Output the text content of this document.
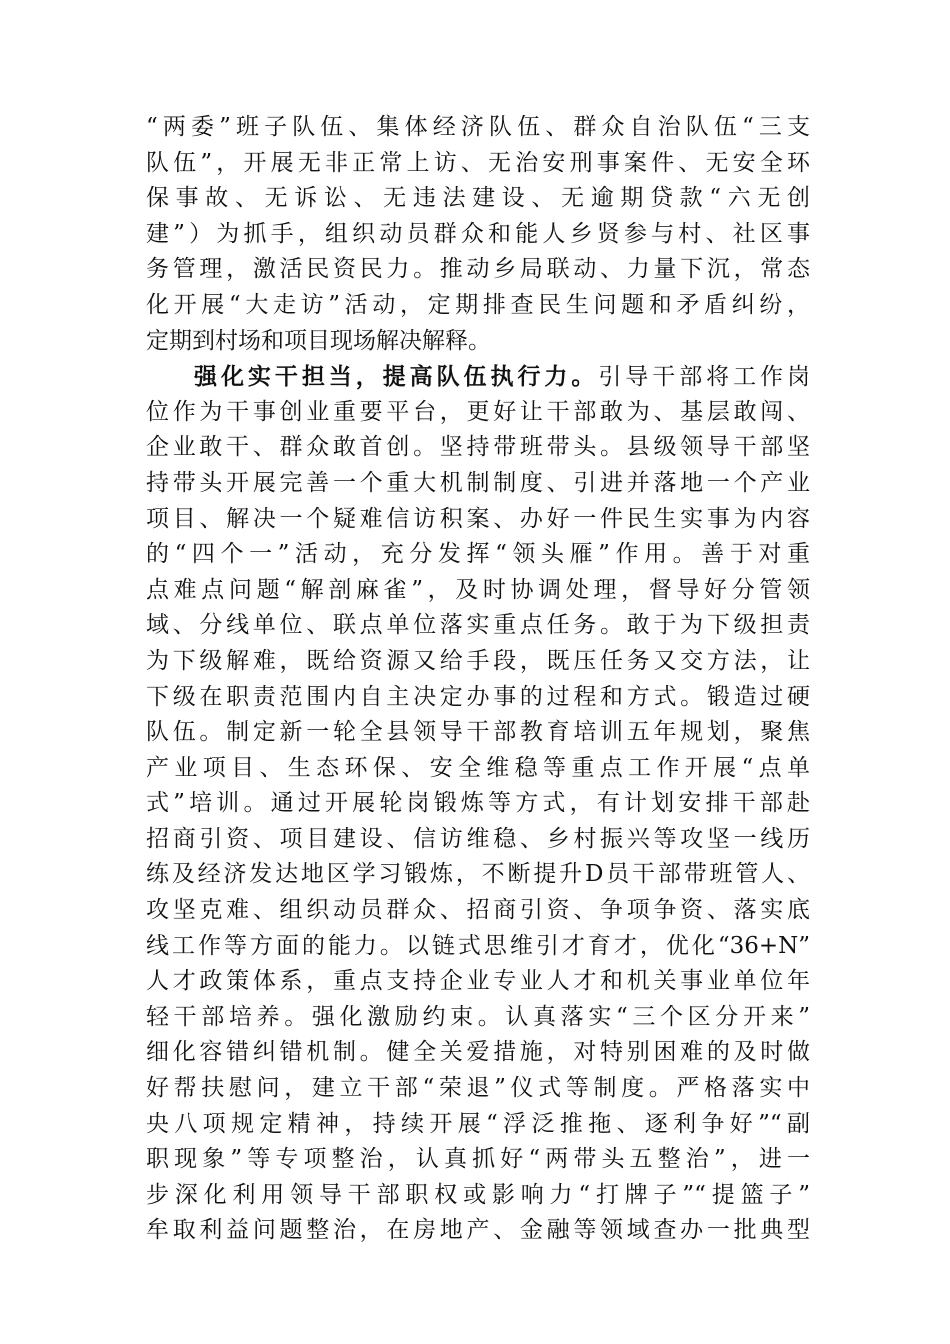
“两委”班子队伍、集体经济队伍、群众自治队伍“三支
队伍”，开展无非正常上访、无治安刑事案件、无安全环
保事故、无诉讼、无违法建设、无逾期贷款“六无创
建”）为抓手，组织动员群众和能人乡贤参与村、社区事
务管理，激活民资民力。推动乡局联动、力量下沉，常态
化开展“大走访”活动，定期排查民生问题和矛盾纠纷，
定期到村场和项目现场解决解释。
强化实干担当，提高队伍执行力。引导干部将工作岗
位作为干事创业重要平台，更好让干部敢为、基层敢闯、
企业敢干、群众敢首创。坚持带班带头。县级领导干部坚
持带头开展完善一个重大机制制度、引进并落地一个产业
项目、解决一个疑难信访积案、办好一件民生实事为内容
的“四个一”活动，充分发挥“领头雁”作用。善于对重
点难点问题“解剖麻雀”，及时协调处理，督导好分管领
域、分线单位、联点单位落实重点任务。敢于为下级担责
为下级解难，既给资源又给手段，既压任务又交方法，让
下级在职责范围内自主决定办事的过程和方式。锻造过硬
队伍。制定新一轮全县领导干部教育培训五年规划，聚焦
产业项目、生态环保、安全维稳等重点工作开展“点单
式”培训。通过开展轮岗锻炼等方式，有计划安排干部赴
招商引资、项目建设、信访维稳、乡村振兴等攻坚一线历
练及经济发达地区学习锻炼，不断提升D员干部带班管人、
攻坚克难、组织动员群众、招商引资、争项争资、落实底
线工作等方面的能力。以链式思维引才育才，优化“36+N”
人才政策体系，重点支持企业专业人才和机关事业单位年
轻干部培养。强化激励约束。认真落实“三个区分开来”
细化容错纠错机制。健全关爱措施，对特别困难的及时做
好帮扶慰问，建立干部“荣退”仪式等制度。严格落实中
央八项规定精神，持续开展“浮泛推拖、逐利争好”“副
职现象”等专项整治，认真抓好“两带头五整治”，进一
步深化利用领导干部职权或影响力“打牌子”“提篮子”
牟取利益问题整治，在房地产、金融等领域查办一批典型
